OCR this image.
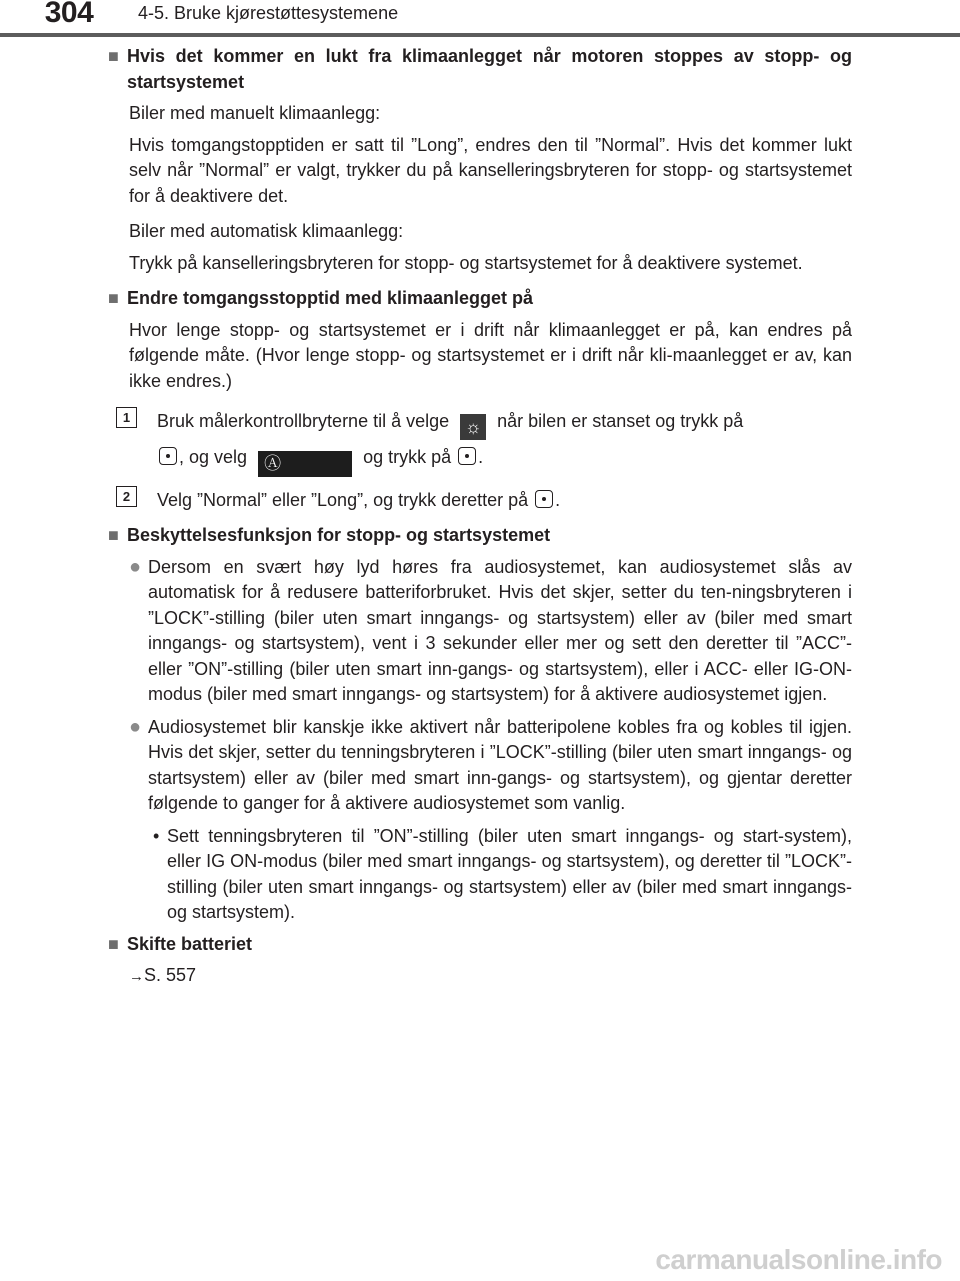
304	4-5. Bruke kjørestøttesystemene
■ Hvis det kommer en lukt fra klimaanlegget når motoren stoppes av stopp- og startsystemet
Biler med manuelt klimaanlegg:
Hvis tomgangstopptiden er satt til ”Long”, endres den til ”Normal”. Hvis det kommer lukt selv når ”Normal” er valgt, trykker du på kanselleringsbryteren for stopp- og startsystemet for å deaktivere det.
Biler med automatisk klimaanlegg:
Trykk på kanselleringsbryteren for stopp- og startsystemet for å deaktivere systemet.
■ Endre tomgangsstopptid med klimaanlegget på
Hvor lenge stopp- og startsystemet er i drift når klimaanlegget er på, kan endres på følgende måte. (Hvor lenge stopp- og startsystemet er i drift når kli-maanlegget er av, kan ikke endres.)
1	Bruk målerkontrollbryterne til å velge ☼ når bilen er stanset og trykk på
, og velg Ⓐ	og trykk på .
2	Velg ”Normal” eller ”Long”, og trykk deretter på .
■ Beskyttelsesfunksjon for stopp- og startsystemet
● Dersom en svært høy lyd høres fra audiosystemet, kan audiosystemet slås av automatisk for å redusere batteriforbruket. Hvis det skjer, setter du ten-ningsbryteren i ”LOCK”-stilling (biler uten smart inngangs- og startsystem) eller av (biler med smart inngangs- og startsystem), vent i 3 sekunder eller mer og sett den deretter til ”ACC”- eller ”ON”-stilling (biler uten smart inn-gangs- og startsystem), eller i ACC- eller IG-ON-modus (biler med smart inngangs- og startsystem) for å aktivere audiosystemet igjen.
● Audiosystemet blir kanskje ikke aktivert når batteripolene kobles fra og kobles til igjen. Hvis det skjer, setter du tenningsbryteren i ”LOCK”-stilling (biler uten smart inngangs- og startsystem) eller av (biler med smart inn-gangs- og startsystem), og gjentar deretter følgende to ganger for å aktivere audiosystemet som vanlig.
• Sett tenningsbryteren til ”ON”-stilling (biler uten smart inngangs- og start-system), eller IG ON-modus (biler med smart inngangs- og startsystem), og deretter til ”LOCK”-stilling (biler uten smart inngangs- og startsystem) eller av (biler med smart inngangs- og startsystem).
■ Skifte batteriet
→S. 557
carmanualsonline.info
